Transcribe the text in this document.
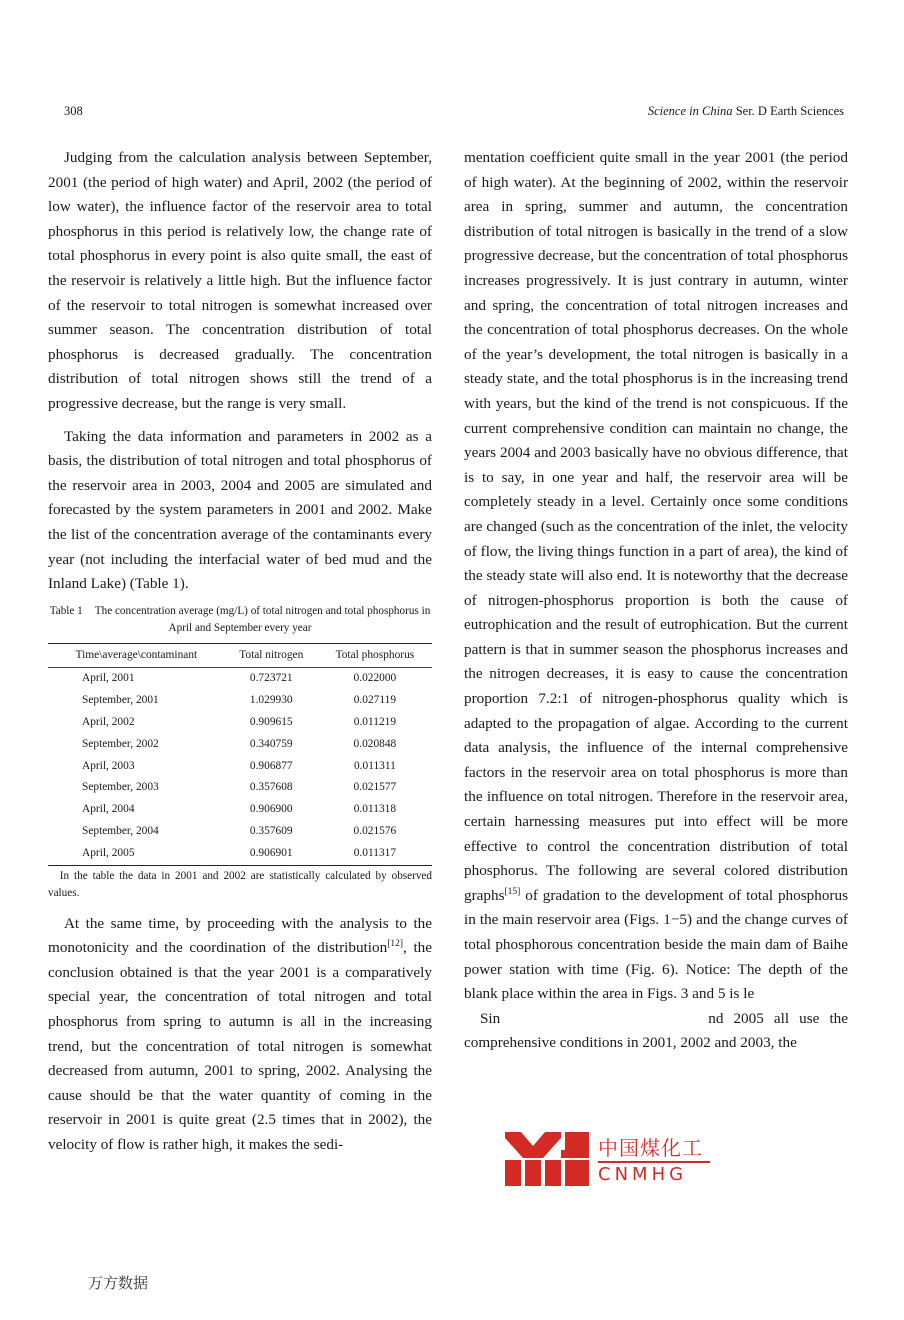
308	Science in China Ser. D Earth Sciences

Judging from the calculation analysis between September, 2001 (the period of high water) and April, 2002 (the period of low water), the influence factor of the reservoir area to total phosphorus in this period is relatively low, the change rate of total phosphorus in every point is also quite small, the east of the reservoir is relatively a little high. But the influence factor of the reservoir to total nitrogen is somewhat increased over summer season. The concentration distribution of total phosphorus is decreased gradually. The concentration distribution of total nitrogen shows still the trend of a progressive decrease, but the range is very small.

Taking the data information and parameters in 2002 as a basis, the distribution of total nitrogen and total phosphorus of the reservoir area in 2003, 2004 and 2005 are simulated and forecasted by the system parameters in 2001 and 2002. Make the list of the concentration average of the contaminants every year (not including the interfacial water of bed mud and the Inland Lake) (Table 1).

Table 1 The concentration average (mg/L) of total nitrogen and total phosphorus in April and September every year
Time\average\contaminant	Total nitrogen	Total phosphorus
April, 2001	0.723721	0.022000
September, 2001	1.029930	0.027119
April, 2002	0.909615	0.011219
September, 2002	0.340759	0.020848
April, 2003	0.906877	0.011311
September, 2003	0.357608	0.021577
April, 2004	0.906900	0.011318
September, 2004	0.357609	0.021576
April, 2005	0.906901	0.011317

In the table the data in 2001 and 2002 are statistically calculated by observed values.

At the same time, by proceeding with the analysis to the monotonicity and the coordination of the distribution[12], the conclusion obtained is that the year 2001 is a comparatively special year, the concentration of total nitrogen and total phosphorus from spring to autumn is all in the increasing trend, but the concentration of total nitrogen is somewhat decreased from autumn, 2001 to spring, 2002. Analysing the cause should be that the water quantity of coming in the reservoir in 2001 is quite great (2.5 times that in 2002), the velocity of flow is rather high, it makes the sedi-

mentation coefficient quite small in the year 2001 (the period of high water). At the beginning of 2002, within the reservoir area in spring, summer and autumn, the concentration distribution of total nitrogen is basically in the trend of a slow progressive decrease, but the concentration of total phosphorus increases progressively. It is just contrary in autumn, winter and spring, the concentration of total nitrogen increases and the concentration of total phosphorus decreases. On the whole of the year’s development, the total nitrogen is basically in a steady state, and the total phosphorus is in the increasing trend with years, but the kind of the trend is not conspicuous. If the current comprehensive condition can maintain no change, the years 2004 and 2003 basically have no obvious difference, that is to say, in one year and half, the reservoir area will be completely steady in a level. Certainly once some conditions are changed (such as the concentration of the inlet, the velocity of flow, the living things function in a part of area), the kind of the steady state will also end. It is noteworthy that the decrease of nitrogen-phosphorus proportion is both the cause of eutrophication and the result of eutrophication. But the current pattern is that in summer season the phosphorus increases and the nitrogen decreases, it is easy to cause the concentration proportion 7.2:1 of nitrogen-phosphorus quality which is adapted to the propagation of algae. According to the current data analysis, the influence of the internal comprehensive factors in the reservoir area on total phosphorus is more than the influence on total nitrogen. Therefore in the reservoir area, certain harnessing measures put into effect will be more effective to control the concentration distribution of total phosphorus. The following are several colored distribution graphs[15] of gradation to the development of total phosphorus in the main reservoir area (Figs. 1−5) and the change curves of total phosphorous concentration beside the main dam of Baihe power station with time (Fig. 6). Notice: The depth of the blank place within the area in Figs. 3 and 5 is le

Sin	nd 2005 all use the comprehensive conditions in 2001, 2002 and 2003, the

中国煤化工
CNMHG
万方数据
